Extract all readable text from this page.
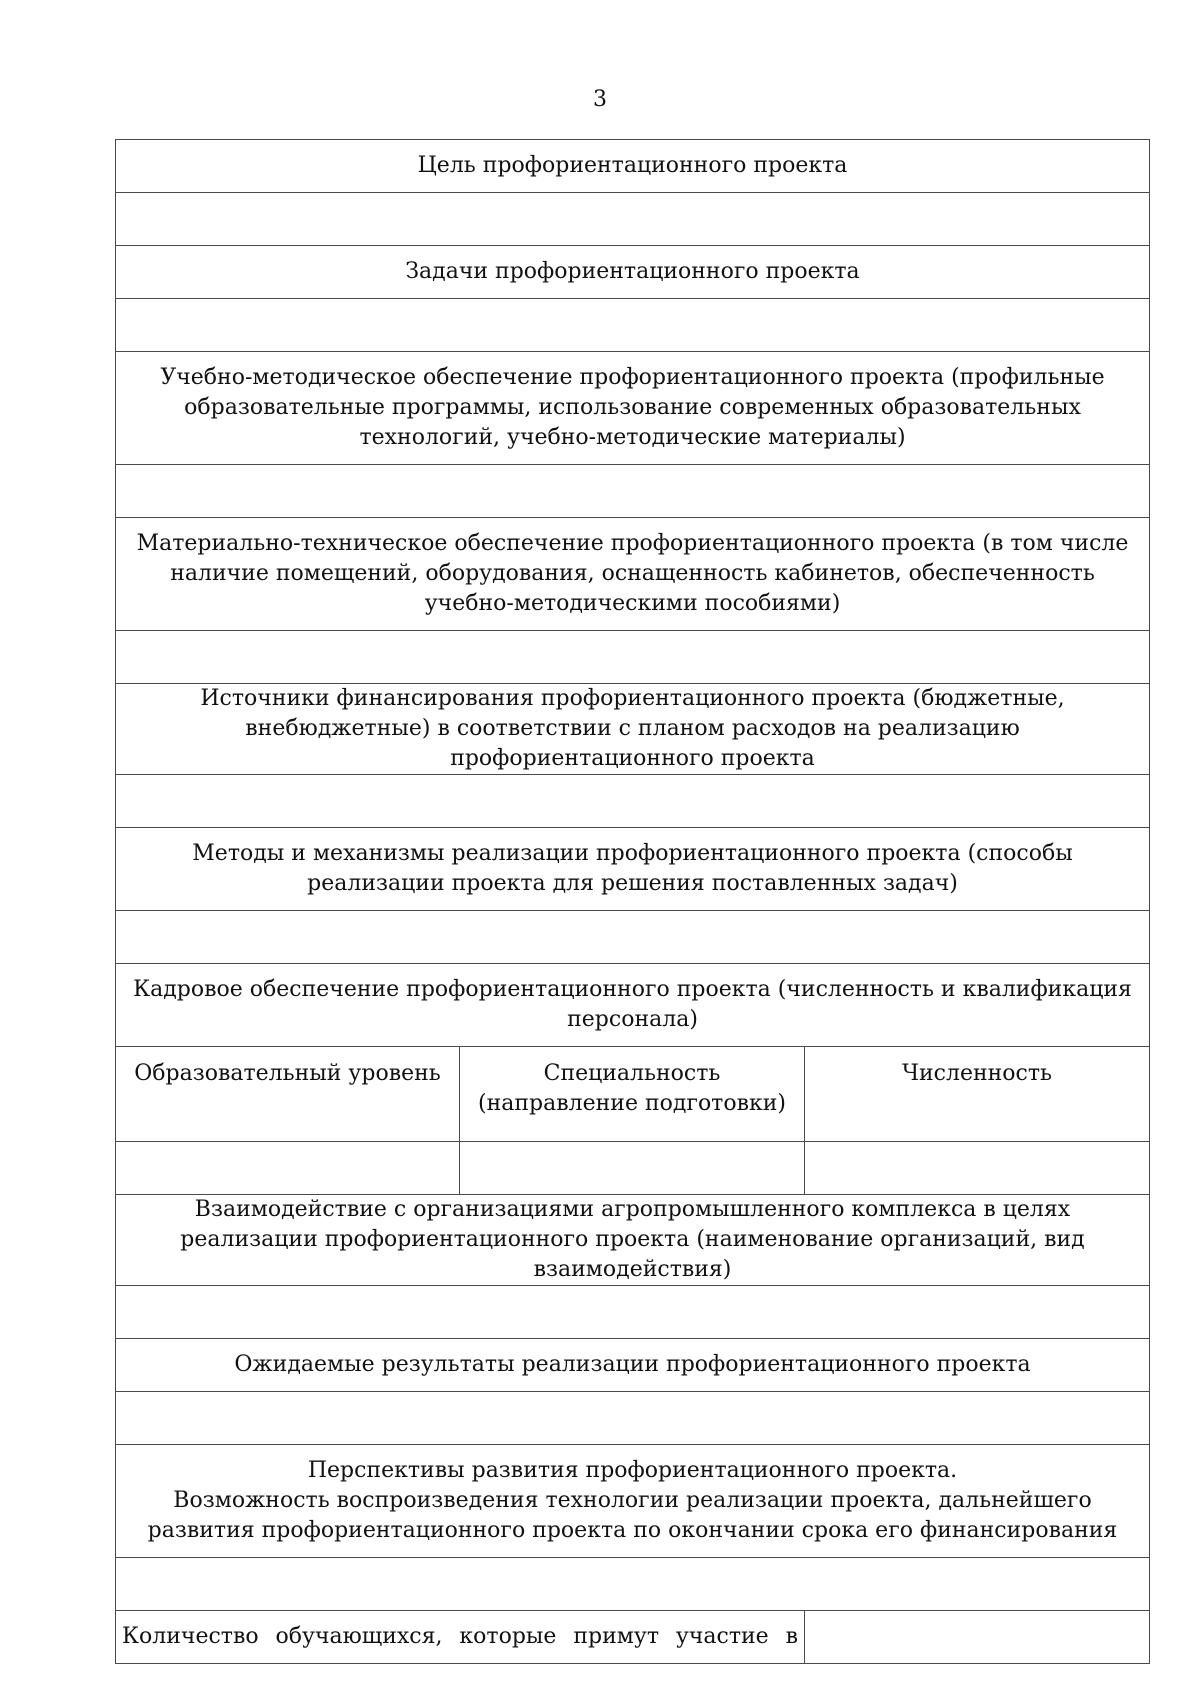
3
Цель профориентационного проекта		

Задачи профориентационного проекта		

Учебно-методическое обеспечение профориентационного проекта (профильные образовательные программы, использование современных образовательных технологий, учебно-методические материалы)		

Материально-техническое обеспечение профориентационного проекта (в том числе наличие помещений, оборудования, оснащенность кабинетов, обеспеченность учебно-методическими пособиями)		

Источники финансирования профориентационного проекта (бюджетные, внебюджетные) в соответствии с планом расходов на реализацию профориентационного проекта		

Методы и механизмы реализации профориентационного проекта (способы реализации проекта для решения поставленных задач)		

Кадровое обеспечение профориентационного проекта (численность и квалификация персонала)		
Образовательный уровень	Специальность (направление подготовки)	Численность

Взаимодействие с организациями агропромышленного комплекса в целях реализации профориентационного проекта (наименование организаций, вид взаимодействия)		

Ожидаемые результаты реализации профориентационного проекта		

Перспективы развития профориентационного проекта.
Возможность воспроизведения технологии реализации проекта, дальнейшего развития профориентационного проекта по окончании срока его финансирования		

Количество обучающихся, которые примут участие в		
